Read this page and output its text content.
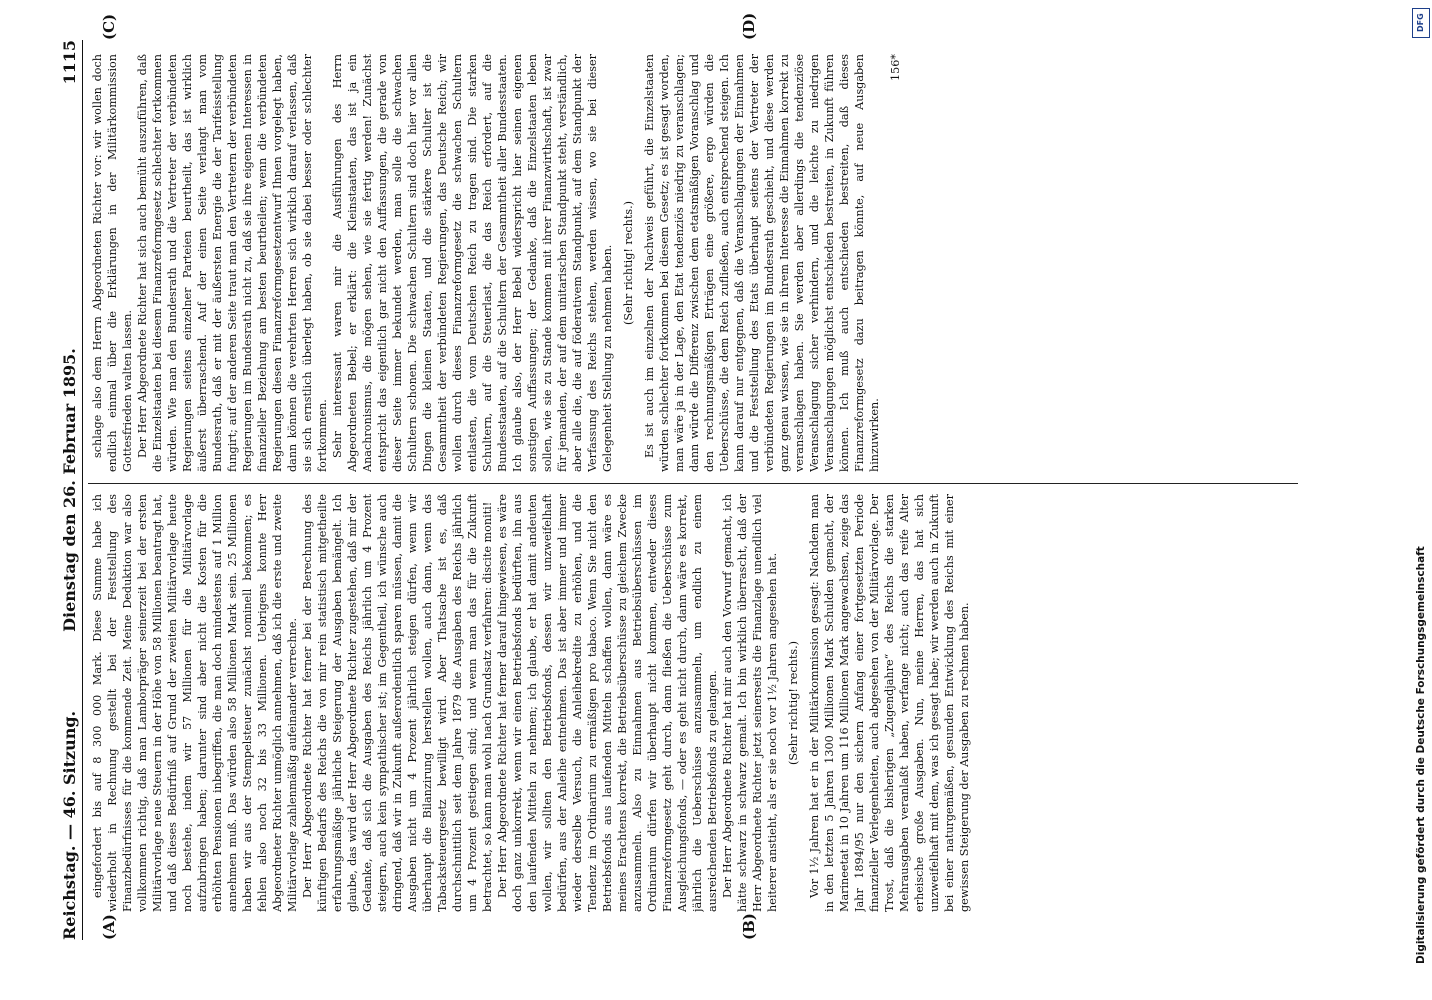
Reichstag. — 46. Sitzung.
Dienstag den 26. Februar 1895.
1115
(A)	(B)
(C)	(D)

eingefordert bis auf 8 300 000 Mark. Diese Summe habe ich wiederholt in Rechnung gestellt bei der Feststellung des Finanzbedürfnisses für die kommende Zeit. Meine Deduktion war also vollkommen richtig, daß man Lamborpräger seinerzeit bei der ersten Militärvorlage neue Steuern in der Höhe von 58 Millionen beantragt hat, und daß dieses Bedürfniß auf Grund der zweiten Militärvorlage heute noch bestehe, indem wir 57 Millionen für die Militärvorlage aufzubringen haben; darunter sind aber nicht die Kosten für die erhöhten Pensionen inbegriffen, die man doch mindestens auf 1 Million annehmen muß. Das würden also 58 Millionen Mark sein. 25 Millionen haben wir aus der Stempelsteuer zunächst nominell bekommen; es fehlen also noch 32 bis 33 Millionen. Uebrigens konnte Herr Abgeordneter Richter unmöglich annehmen, daß ich die erste und zweite Militärvorlage zahlenmäßig aufeinander verrechne. Der Herr Abgeordnete Richter hat ferner bei der Berechnung des künftigen Bedarfs des Reichs die von mir rein statistisch mitgetheilte erfahrungsmäßige jährliche Steigerung der Ausgaben bemängelt. Ich glaube, das wird der Herr Abgeordnete Richter zugestehen, daß mir der Gedanke, daß sich die Ausgaben des Reichs jährlich um 4 Prozent steigern, auch kein sympathischer ist; im Gegentheil, ich wünsche auch dringend, daß wir in Zukunft außerordentlich sparen müssen, damit die Ausgaben nicht um 4 Prozent jährlich steigen dürfen, wenn wir überhaupt die Bilanzirung herstellen wollen, auch dann, wenn das Tabacksteuergesetz bewilligt wird. Aber Thatsache ist es, daß durchschnittlich seit dem Jahre 1879 die Ausgaben des Reichs jährlich um 4 Prozent gestiegen sind; und wenn man das für die Zukunft betrachtet, so kann man wohl nach Grundsatz verfahren: discite moniti! Der Herr Abgeordnete Richter hat ferner darauf hingewiesen, es wäre doch ganz unkorrekt, wenn wir einen Betriebsfonds bedürften, ihn aus den laufenden Mitteln zu nehmen; ich glaube, er hat damit andeuten wollen, wir sollten den Betriebsfonds, dessen wir unzweifelhaft bedürfen, aus der Anleihe entnehmen. Das ist aber immer und immer wieder derselbe Versuch, die Anleihekredite zu erhöhen, und die Tendenz im Ordinarium zu ermäßigen pro tabaco. Wenn Sie nicht den Betriebsfonds aus laufenden Mitteln schaffen wollen, dann wäre es meines Erachtens korrekt, die Betriebsüberschüsse zu gleichem Zwecke anzusammeln. Also zu Einnahmen aus Betriebsüberschüssen im Ordinarium dürfen wir überhaupt nicht kommen, entweder dieses Finanzreformgesetz geht durch, dann fließen die Ueberschüsse zum Ausgleichungsfonds, — oder es geht nicht durch, dann wäre es korrekt, jährlich die Ueberschüsse anzusammeln, um endlich zu einem ausreichenden Betriebsfonds zu gelangen. Der Herr Abgeordnete Richter hat mir auch den Vorwurf gemacht, ich hätte schwarz in schwarz gemalt. Ich bin wirklich überrascht, daß der Herr Abgeordnete Richter jetzt seinerseits die Finanzlage unendlich viel heiterer anstieht, als er sie noch vor 1½ Jahren angesehen hat. (Sehr richtig! rechts.) Vor 1½ Jahren hat er in der Militärkommission gesagt: Nachdem man in den letzten 5 Jahren 1300 Millionen Mark Schulden gemacht, der Marineetat in 10 Jahren um 116 Millionen Mark angewachsen, zeige das Jahr 1894/95 nur den sichern Anfang einer fortgesetzten Periode finanzieller Verlegenheiten, auch abgesehen von der Militärvorlage. Der Trost, daß die bisherigen „Zugendjahre“ des Reichs die starken Mehrausgaben veranlaßt haben, verfange nicht; auch das reife Alter erheische große Ausgaben. Nun, meine Herren, das hat sich unzweifelhaft mit dem, was ich gesagt habe; wir werden auch in Zukunft bei einer naturgemäßen, gesunden Entwicklung des Reichs mit einer gewissen Steigerung der Ausgaben zu rechnen haben.

schlage also dem Herrn Abgeordneten Richter vor: wir wollen doch endlich einmal über die Erklärungen in der Militärkommission Gottesfrieden walten lassen. Der Herr Abgeordnete Richter hat sich auch bemüht auszuführen, daß die Einzelstaaten bei diesem Finanzreformgesetz schlechter fortkommen würden. Wie man den Bundesrath und die Vertreter der verbündeten Regierungen seitens einzelner Parteien beurtheilt, das ist wirklich äußerst überraschend. Auf der einen Seite verlangt man vom Bundesrath, daß er mit der äußersten Energie die der Tarifeisstellung fungirt; auf der anderen Seite traut man den Vertretern der verbündeten Regierungen im Bundesrath nicht zu, daß sie ihre eigenen Interessen in finanzieller Beziehung am besten beurtheilen; wenn die verbündeten Regierungen diesen Finanzreformgesetzentwurf Ihnen vorgelegt haben, dann können die verehrten Herren sich wirklich darauf verlassen, daß sie sich ernstlich überlegt haben, ob sie dabei besser oder schlechter fortkommen. Sehr interessant waren mir die Ausführungen des Herrn Abgeordneten Bebel; er erklärt: die Kleinstaaten, das ist ja ein Anachronismus, die mögen sehen, wie sie fertig werden! Zunächst entspricht das eigentlich gar nicht den Auffassungen, die gerade von dieser Seite immer bekundet werden, man solle die schwachen Schultern schonen. Die schwachen Schultern sind doch hier vor allen Dingen die kleinen Staaten, und die stärkere Schulter ist die Gesammtheit der verbündeten Regierungen, das Deutsche Reich; wir wollen durch dieses Finanzreformgesetz die schwachen Schultern entlasten, die vom Deutschen Reich zu tragen sind. Die starken Schultern, auf die Steuerlast, die das Reich erfordert, auf die Bundesstaaten, auf die Schultern der Gesammtheit aller Bundesstaaten. Ich glaube also, der Herr Bebel widerspricht hier seinen eigenen sonstigen Auffassungen; der Gedanke, daß die Einzelstaaten leben sollen, wie sie zu Stande kommen mit ihrer Finanzwirthschaft, ist zwar für jemanden, der auf dem unitarischen Standpunkt steht, verständlich, aber alle die, die auf föderativem Standpunkt, auf dem Standpunkt der Verfassung des Reichs stehen, werden wissen, wo sie bei dieser Gelegenheit Stellung zu nehmen haben. (Sehr richtig! rechts.) Es ist auch im einzelnen der Nachweis geführt, die Einzelstaaten würden schlechter fortkommen bei diesem Gesetz; es ist gesagt worden, man wäre ja in der Lage, den Etat tendenziös niedrig zu veranschlagen; dann würde die Differenz zwischen dem etatsmäßigen Voranschlag und den rechnungsmäßigen Erträgen eine größere, ergo würden die Ueberschüsse, die dem Reich zufließen, auch entsprechend steigen. Ich kann darauf nur entgegnen, daß die Veranschlagungen der Einnahmen und die Feststellung des Etats überhaupt seitens der Vertreter der verbündeten Regierungen im Bundesrath geschieht, und diese werden ganz genau wissen, wie sie in ihrem Interesse die Einnahmen korrekt zu veranschlagen haben. Sie werden aber allerdings die tendenziöse Veranschlagung sicher verhindern, und die leichte zu niedrigen Veranschlagungen möglichst entschieden bestreiten, in Zukunft führen können. Ich muß auch entschieden bestreiten, daß dieses Finanzreformgesetz dazu beitragen könnte, auf neue Ausgaben hinzuwirken.

156*

DFG
Digitalisierung gefördert durch die Deutsche Forschungsgemeinschaft
